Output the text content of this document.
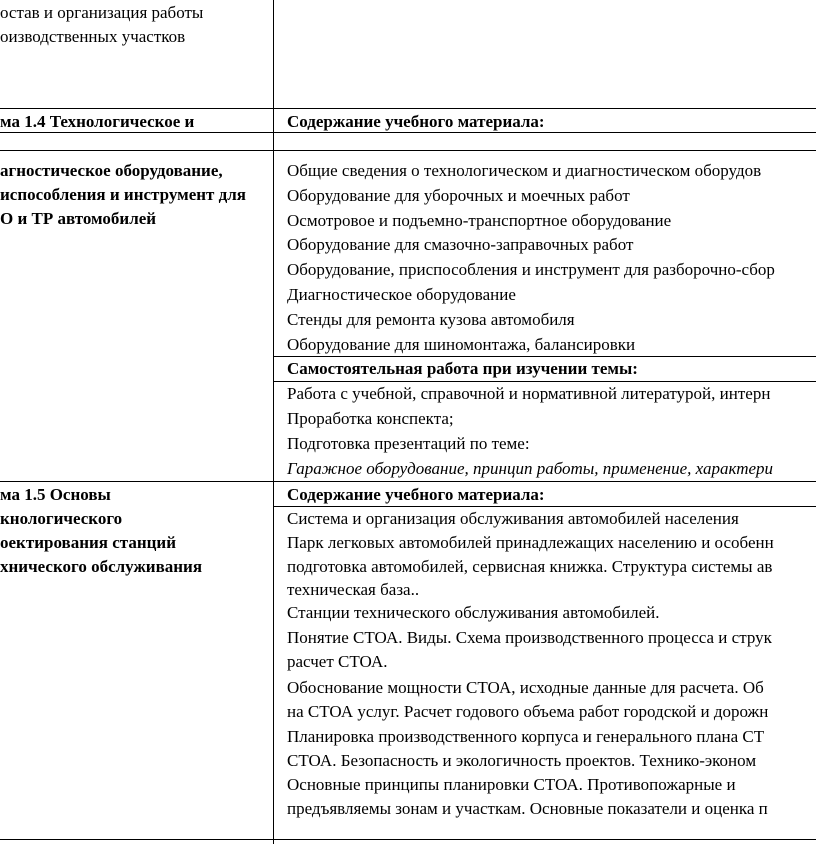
остав и организация работы
оизводственных участков
ма 1.4 Технологическое и	Содержание учебного материала:
агностическое оборудование,
испособления и инструмент для
О и ТР автомобилей
Общие сведения о технологическом и диагностическом оборудов
Оборудование для уборочных и моечных работ
Осмотровое и подъемно-транспортное оборудование
Оборудование для смазочно-заправочных работ
Оборудование, приспособления и инструмент для разборочно-сбор
Диагностическое оборудование
Стенды для ремонта кузова автомобиля
Оборудование для шиномонтажа, балансировки
Самостоятельная работа при изучении темы:
Работа с учебной, справочной и нормативной литературой, интерн
Проработка конспекта;
Подготовка презентаций по теме:
Гаражное оборудование, принцип работы, применение, характери
ма 1.5 Основы
кнологического
оектирования станций
хнического обслуживания
Содержание учебного материала:
Система и организация обслуживания автомобилей населения
Парк легковых автомобилей принадлежащих населению и особенн
подготовка автомобилей, сервисная книжка. Структура системы ав
техническая база..
Станции технического обслуживания автомобилей.
Понятие СТОА. Виды. Схема производственного процесса и струк
расчет СТОА.
Обоснование мощности СТОА, исходные данные для расчета. Об
на СТОА услуг. Расчет годового объема работ городской и дорожн
Планировка производственного корпуса и генерального плана СТ
СТОА. Безопасность и экологичность проектов. Технико-эконом
Основные принципы планировки СТОА. Противопожарные и
предъявляемы зонам и участкам. Основные показатели и оценка п
